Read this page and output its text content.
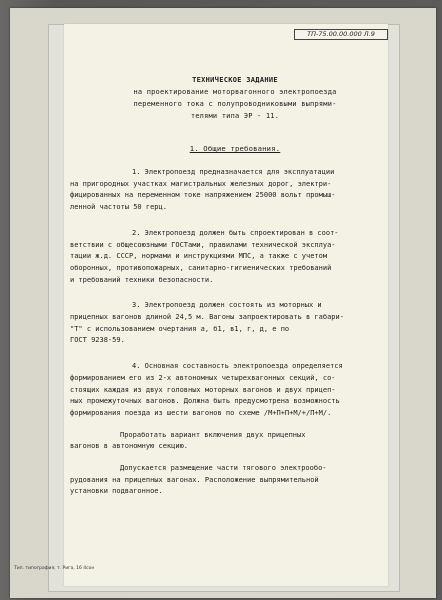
ТП-75.00.00.000 Л.9
ТЕХНИЧЕСКОЕ ЗАДАНИЕ
на проектирование моторвагонного электропоезда
переменного тока с полупроводниковыми выпрями-
телями типа ЭР - 11.
1. Общие требования.
1. Электропоезд предназначается для эксплуатации
на пригородных участках магистральных железных дорог, электри-
фицированных на переменном токе напряжением 25000 вольт промыш-
ленной частоты 50 герц.
2. Электропоезд должен быть спроектирован в соот-
ветствии с общесоюзными ГОСТами, правилами технической эксплуа-
тации ж.д. СССР, нормами и инструкциями МПС, а также с учетом
оборонных, противопожарных, санитарно-гигиенических требований
и требований техники безопасности.
3. Электропоезд должен состоять из моторных и
прицепных вагонов длиной 24,5 м. Вагоны запроектировать в габари-
"Т" с использованием очертания а, б1, в1, г, д, е по
ГОСТ 9238-59.
4. Основная составность электропоезда определяется
формированием его из 2-х автономных четырехвагонных секций, со-
стоящих каждая из двух головных моторных вагонов и двух прицеп-
ных промежуточных вагонов. Должна быть предусмотрена возможность
формирования поезда из шести вагонов по схеме /М+П+П+М/+/П+М/.
Проработать вариант включения двух прицепных
вагонов в автономную секцию.
Допускается размещение части тягового электрообо-
рудования на прицепных вагонах. Расположение выпрямительной
установки подвагонное.
Тип. типография, т. Рига, 16 4сон
